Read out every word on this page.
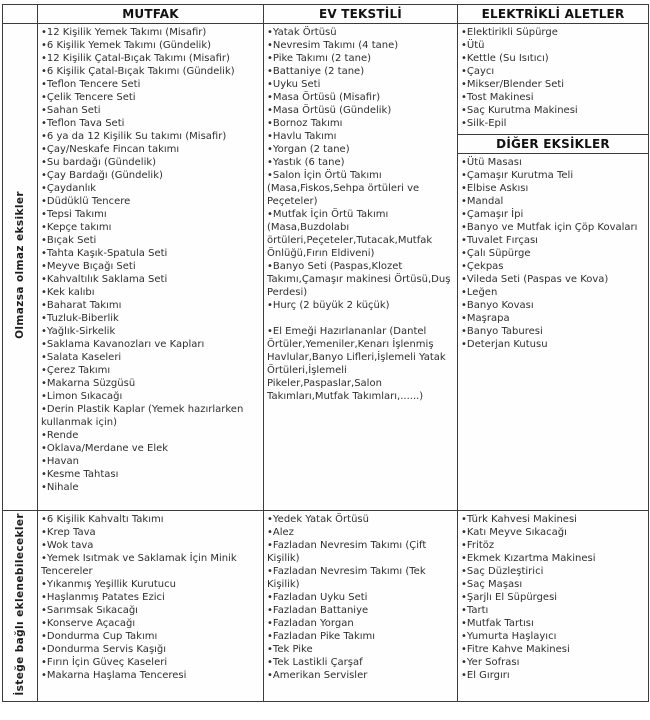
	MUTFAK	EV TEKSTİLİ	ELEKTRİKLİ ALETLER
Olmazsa olmaz eksikler	
• 12 Kişilik Yemek Takımı (Misafir)
• 6 Kişilik Yemek Takımı (Gündelik)
• 12 Kişilik Çatal-Bıçak Takımı (Misafir)
• 6 Kişilik Çatal-Bıçak Takımı (Gündelik)
• Teflon Tencere Seti
• Çelik Tencere Seti
• Sahan Seti
• Teflon Tava Seti
• 6 ya da 12 Kişilik Su takımı (Misafir)
• Çay/Neskafe Fincan takımı
• Su bardağı (Gündelik)
• Çay Bardağı (Gündelik)
• Çaydanlık
• Düdüklü Tencere
• Tepsi Takımı
• Kepçe takımı
• Bıçak Seti
• Tahta Kaşık-Spatula Seti
• Meyve Bıçağı Seti
• Kahvaltılık Saklama Seti
• Kek kalıbı
• Baharat Takımı
• Tuzluk-Biberlik
• Yağlık-Sirkelik
• Saklama Kavanozları ve Kapları
• Salata Kaseleri
• Çerez Takımı
• Makarna Süzgüsü
• Limon Sıkacağı
• Derin Plastik Kaplar (Yemek hazırlarken kullanmak için)
• Rende
• Oklava/Merdane ve Elek
• Havan
• Kesme Tahtası
• Nihale

• Yatak Örtüsü
• Nevresim Takımı (4 tane)
• Pike Takımı (2 tane)
• Battaniye (2 tane)
• Uyku Seti
• Masa Örtüsü (Misafir)
• Masa Örtüsü (Gündelik)
• Bornoz Takımı
• Havlu Takımı
• Yorgan (2 tane)
• Yastık (6 tane)
• Salon İçin Örtü Takımı (Masa,Fiskos,Sehpa örtüleri ve Peçeteler)
• Mutfak İçin Örtü Takımı (Masa,Buzdolabı örtüleri,Peçeteler,Tutacak,Mutfak Önlüğü,Fırın Eldiveni)
• Banyo Seti (Paspas,Klozet Takımı,Çamaşır makinesi Örtüsü,Duş Perdesi)
• Hurç (2 büyük 2 küçük)
• El Emeği Hazırlananlar (Dantel Örtüler,Yemeniler,Kenarı İşlenmiş Havlular,Banyo Lifleri,İşlemeli Yatak Örtüleri,İşlemeli Pikeler,Paspaslar,Salon Takımları,Mutfak Takımları,......)

• Elektirikli Süpürge
• Ütü
• Kettle (Su Isıtıcı)
• Çaycı
• Mikser/Blender Seti
• Tost Makinesi
• Saç Kurutma Makinesi
• Silk-Epil
DİĞER EKSİKLER
• Ütü Masası
• Çamaşır Kurutma Teli
• Elbise Askısı
• Mandal
• Çamaşır İpi
• Banyo ve Mutfak için Çöp Kovaları
• Tuvalet Fırçası
• Çalı Süpürge
• Çekpas
• Vileda Seti (Paspas ve Kova)
• Leğen
• Banyo Kovası
• Maşrapa
• Banyo Taburesi
• Deterjan Kutusu

İsteğe bağlı eklenebilecekler	
•6 Kişilik Kahvaltı Takımı
• Krep Tava
• Wok tava
• Yemek Isıtmak ve Saklamak İçin Minik Tencereler
• Yıkanmış Yeşillik Kurutucu
• Haşlanmış Patates Ezici
• Sarımsak Sıkacağı
• Konserve Açacağı
• Dondurma Cup Takımı
• Dondurma Servis Kaşığı
• Fırın İçin Güveç Kaseleri
• Makarna Haşlama Tenceresi

• Yedek Yatak Örtüsü
• Alez
• Fazladan Nevresim Takımı (Çift Kişilik)
• Fazladan Nevresim Takımı (Tek Kişilik)
• Fazladan Uyku Seti
• Fazladan Battaniye
• Fazladan Yorgan
• Fazladan Pike Takımı
• Tek Pike
• Tek Lastikli Çarşaf
• Amerikan Servisler

• Türk Kahvesi Makinesi
• Katı Meyve Sıkacağı
• Fritöz
• Ekmek Kızartma Makinesi
• Saç Düzleştirici
• Saç Maşası
• Şarjlı El Süpürgesi
• Tartı
• Mutfak Tartısı
• Yumurta Haşlayıcı
• Fitre Kahve Makinesi
• Yer Sofrası
• El Gırgırı
